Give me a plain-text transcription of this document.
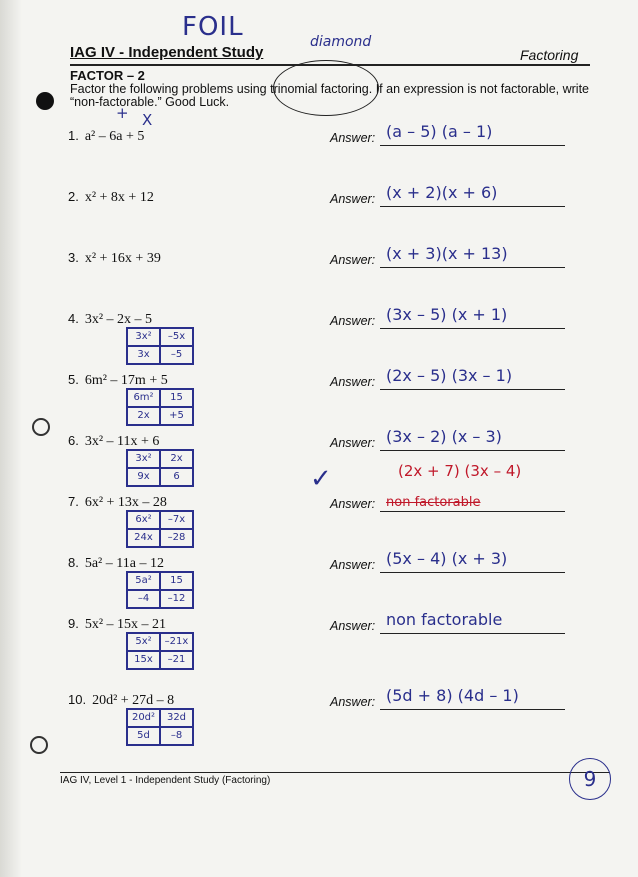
FOIL	diamond
IAG IV - Independent Study	Factoring
FACTOR – 2
Factor the following problems using trinomial factoring. If an expression is not factorable, write “non-factorable.” Good Luck.
+ X
1. a² – 6a + 5	Answer: (a – 5) (a – 1)
2. x² + 8x + 12	Answer: (x + 2)(x + 6)
3. x² + 16x + 39	Answer: (x + 3)(x + 13)
4. 3x² – 2x – 5	Answer: (3x – 5) (x + 1)
3x²	–5x
3x	–5
5. 6m² – 17m + 5	Answer: (2x – 5) (3x – 1)
6m²	15
2x	+5
6. 3x² – 11x + 6	Answer: (3x – 2) (x – 3)
3x²	2x
9x	6
7. 6x² + 13x – 28	Answer: non factorable
(2x + 7) (3x – 4)
✓
6x²	–7x
24x	–28
8. 5a² – 11a – 12	Answer: (5x – 4) (x + 3)
5a²	15
–4	–12
9. 5x² – 15x – 21	Answer: non factorable
5x²	–21x
15x	–21
10. 20d² + 27d – 8	Answer: (5d + 8) (4d – 1)
20d²	32d
5d	–8
IAG IV, Level 1 - Independent Study (Factoring)	9
